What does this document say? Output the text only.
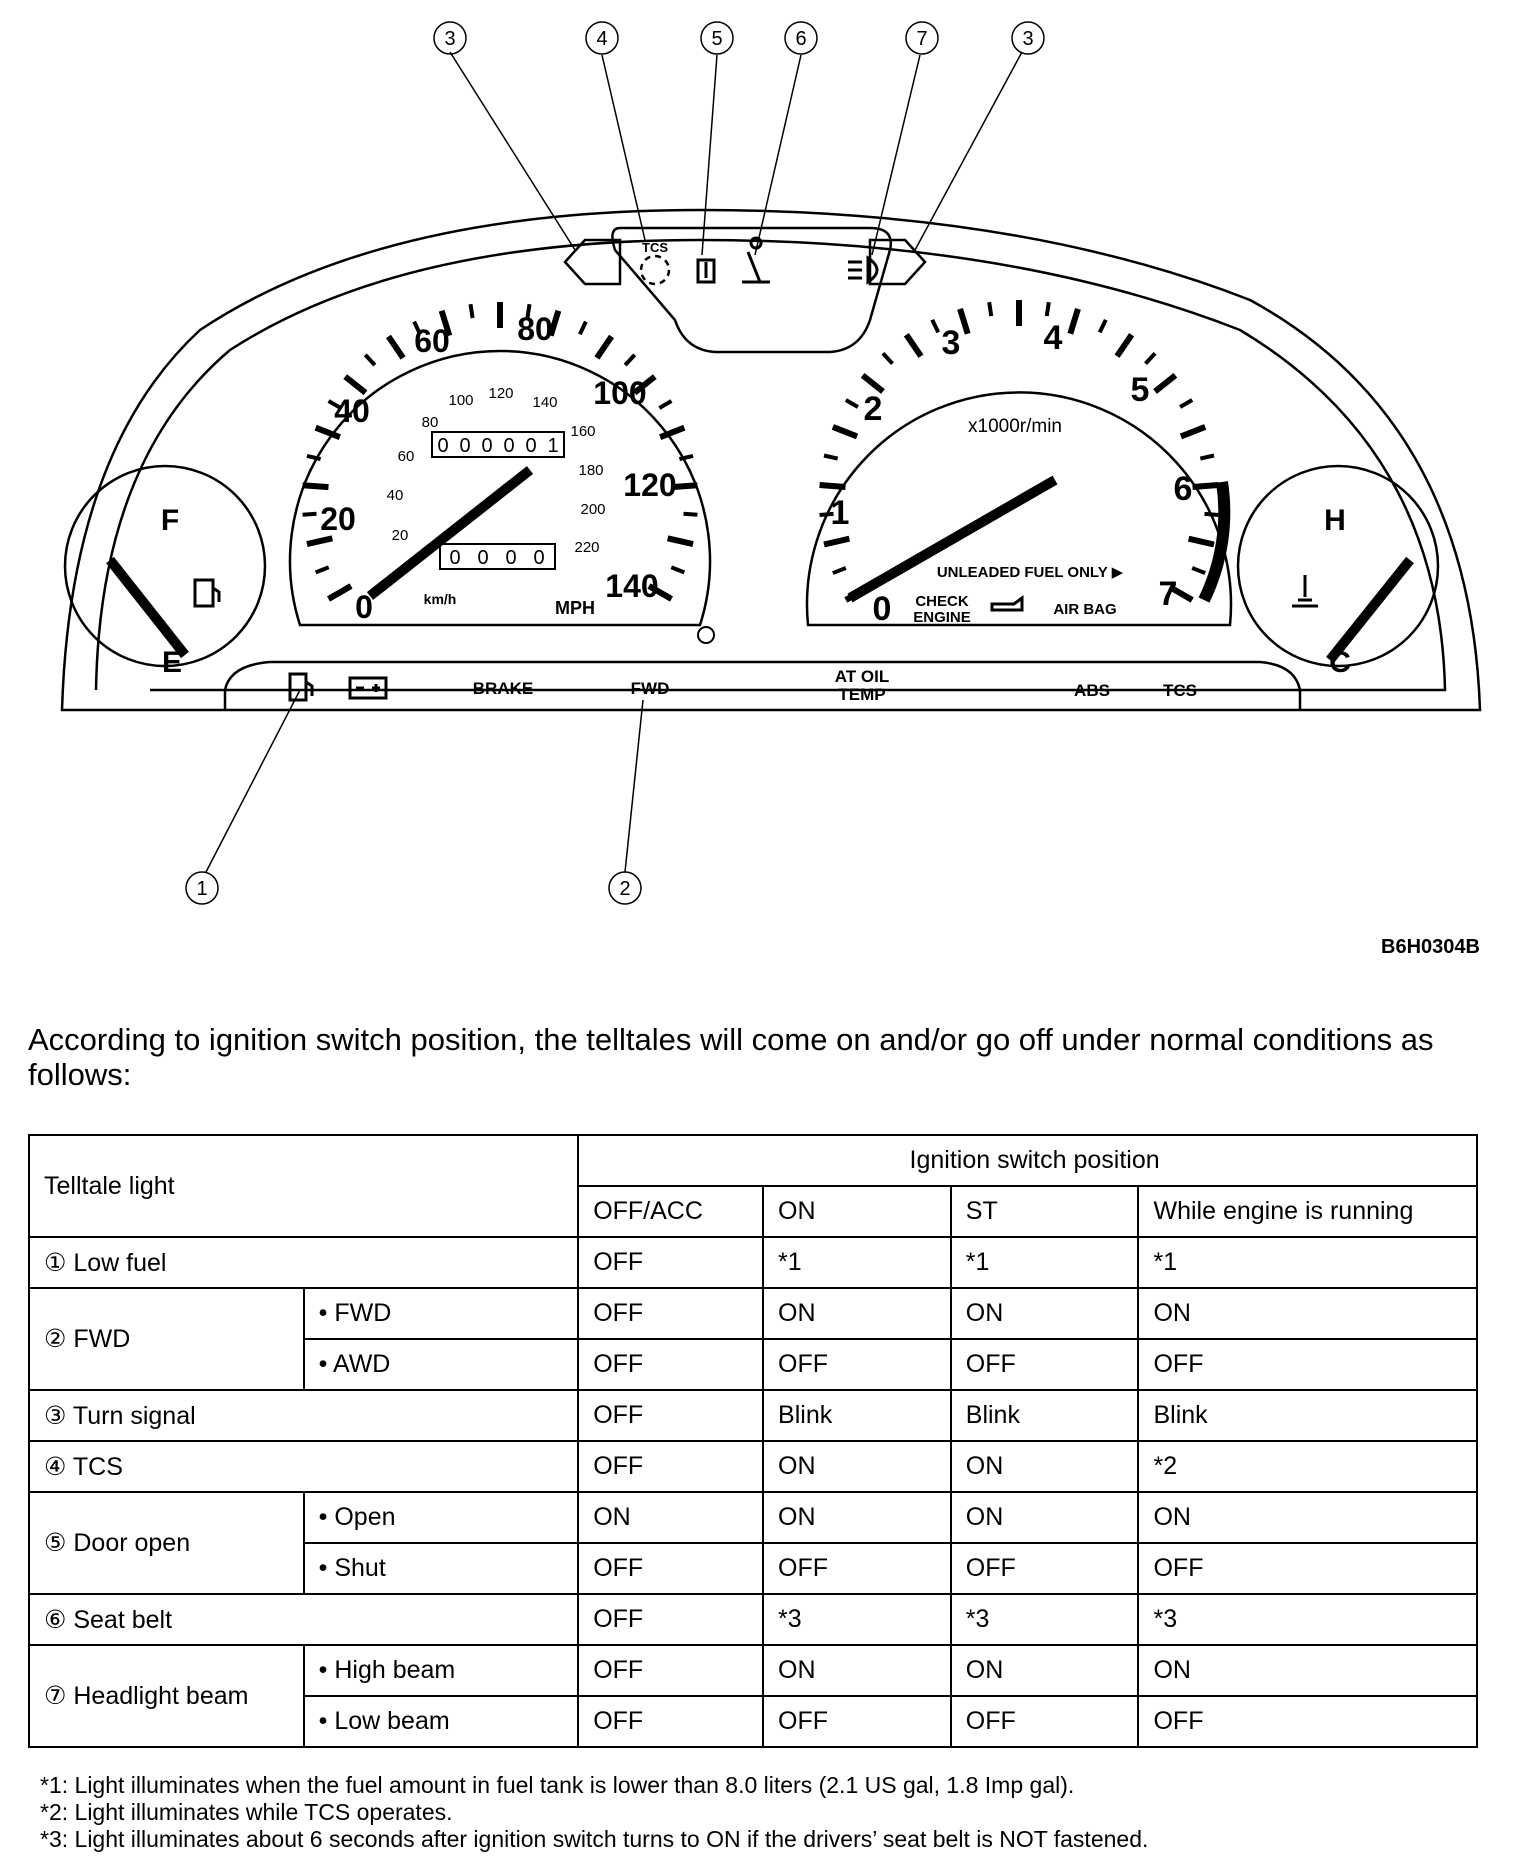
3	4	5	6	7	3
1	2
0
20
40
60 80
100
120
140
20
40
60
80
100 120
140
160
180
200
220
0 0 0 0 0 1
0 0 0 0
km/h	MPH	0
1
2
3 4
5
6
7
x1000r/min
UNLEADED FUEL ONLY ▶
CHECK
ENGINE	AIR BAG
F
E
H
C
TCS
BRAKE	FWD
AT OIL
TEMP	ABS	TCS
B6H0304B
According to ignition switch position, the telltales will come on and/or go off under normal conditions as follows:
Telltale light		Ignition switch position			
		OFF/ACC	ON	ST	While engine is running
① Low fuel		OFF	*1	*1	*1
② FWD	• FWD	OFF	ON	ON	ON
	• AWD	OFF	OFF	OFF	OFF
③ Turn signal		OFF	Blink	Blink	Blink
④ TCS		OFF	ON	ON	*2
⑤ Door open	• Open	ON	ON	ON	ON
	• Shut	OFF	OFF	OFF	OFF
⑥ Seat belt		OFF	*3	*3	*3
⑦ Headlight beam	• High beam	OFF	ON	ON	ON
	• Low beam	OFF	OFF	OFF	OFF
*1: Light illuminates when the fuel amount in fuel tank is lower than 8.0 liters (2.1 US gal, 1.8 Imp gal).
*2: Light illuminates while TCS operates.
*3: Light illuminates about 6 seconds after ignition switch turns to ON if the drivers’ seat belt is NOT fastened.
